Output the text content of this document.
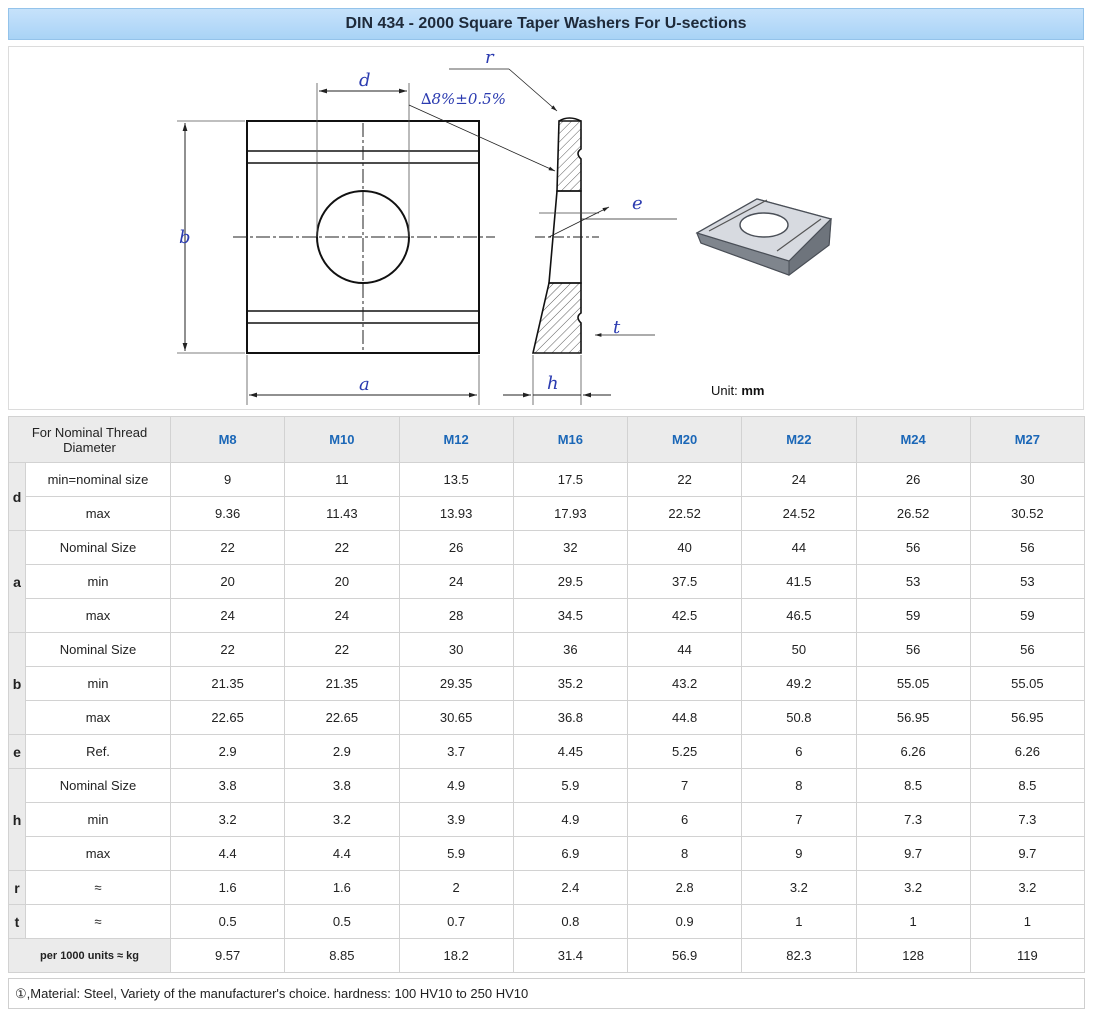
DIN 434 - 2000 Square Taper Washers For U-sections
d
b
a
∆8%±0.5%
r
e
t
h	Unit: mm
For Nominal Thread Diameter		M8	M10	M12	M16	M20	M22	M24	M27
d	min=nominal size	9	11	13.5	17.5	22	24	26	30
	max	9.36	11.43	13.93	17.93	22.52	24.52	26.52	30.52
a	Nominal Size	22	22	26	32	40	44	56	56
	min	20	20	24	29.5	37.5	41.5	53	53
	max	24	24	28	34.5	42.5	46.5	59	59
b	Nominal Size	22	22	30	36	44	50	56	56
	min	21.35	21.35	29.35	35.2	43.2	49.2	55.05	55.05
	max	22.65	22.65	30.65	36.8	44.8	50.8	56.95	56.95
e	Ref.	2.9	2.9	3.7	4.45	5.25	6	6.26	6.26
h	Nominal Size	3.8	3.8	4.9	5.9	7	8	8.5	8.5
	min	3.2	3.2	3.9	4.9	6	7	7.3	7.3
	max	4.4	4.4	5.9	6.9	8	9	9.7	9.7
r	≈	1.6	1.6	2	2.4	2.8	3.2	3.2	3.2
t	≈	0.5	0.5	0.7	0.8	0.9	1	1	1
per 1000 units ≈ kg		9.57	8.85	18.2	31.4	56.9	82.3	128	119
①,Material: Steel, Variety of the manufacturer's choice. hardness: 100 HV10 to 250 HV10
